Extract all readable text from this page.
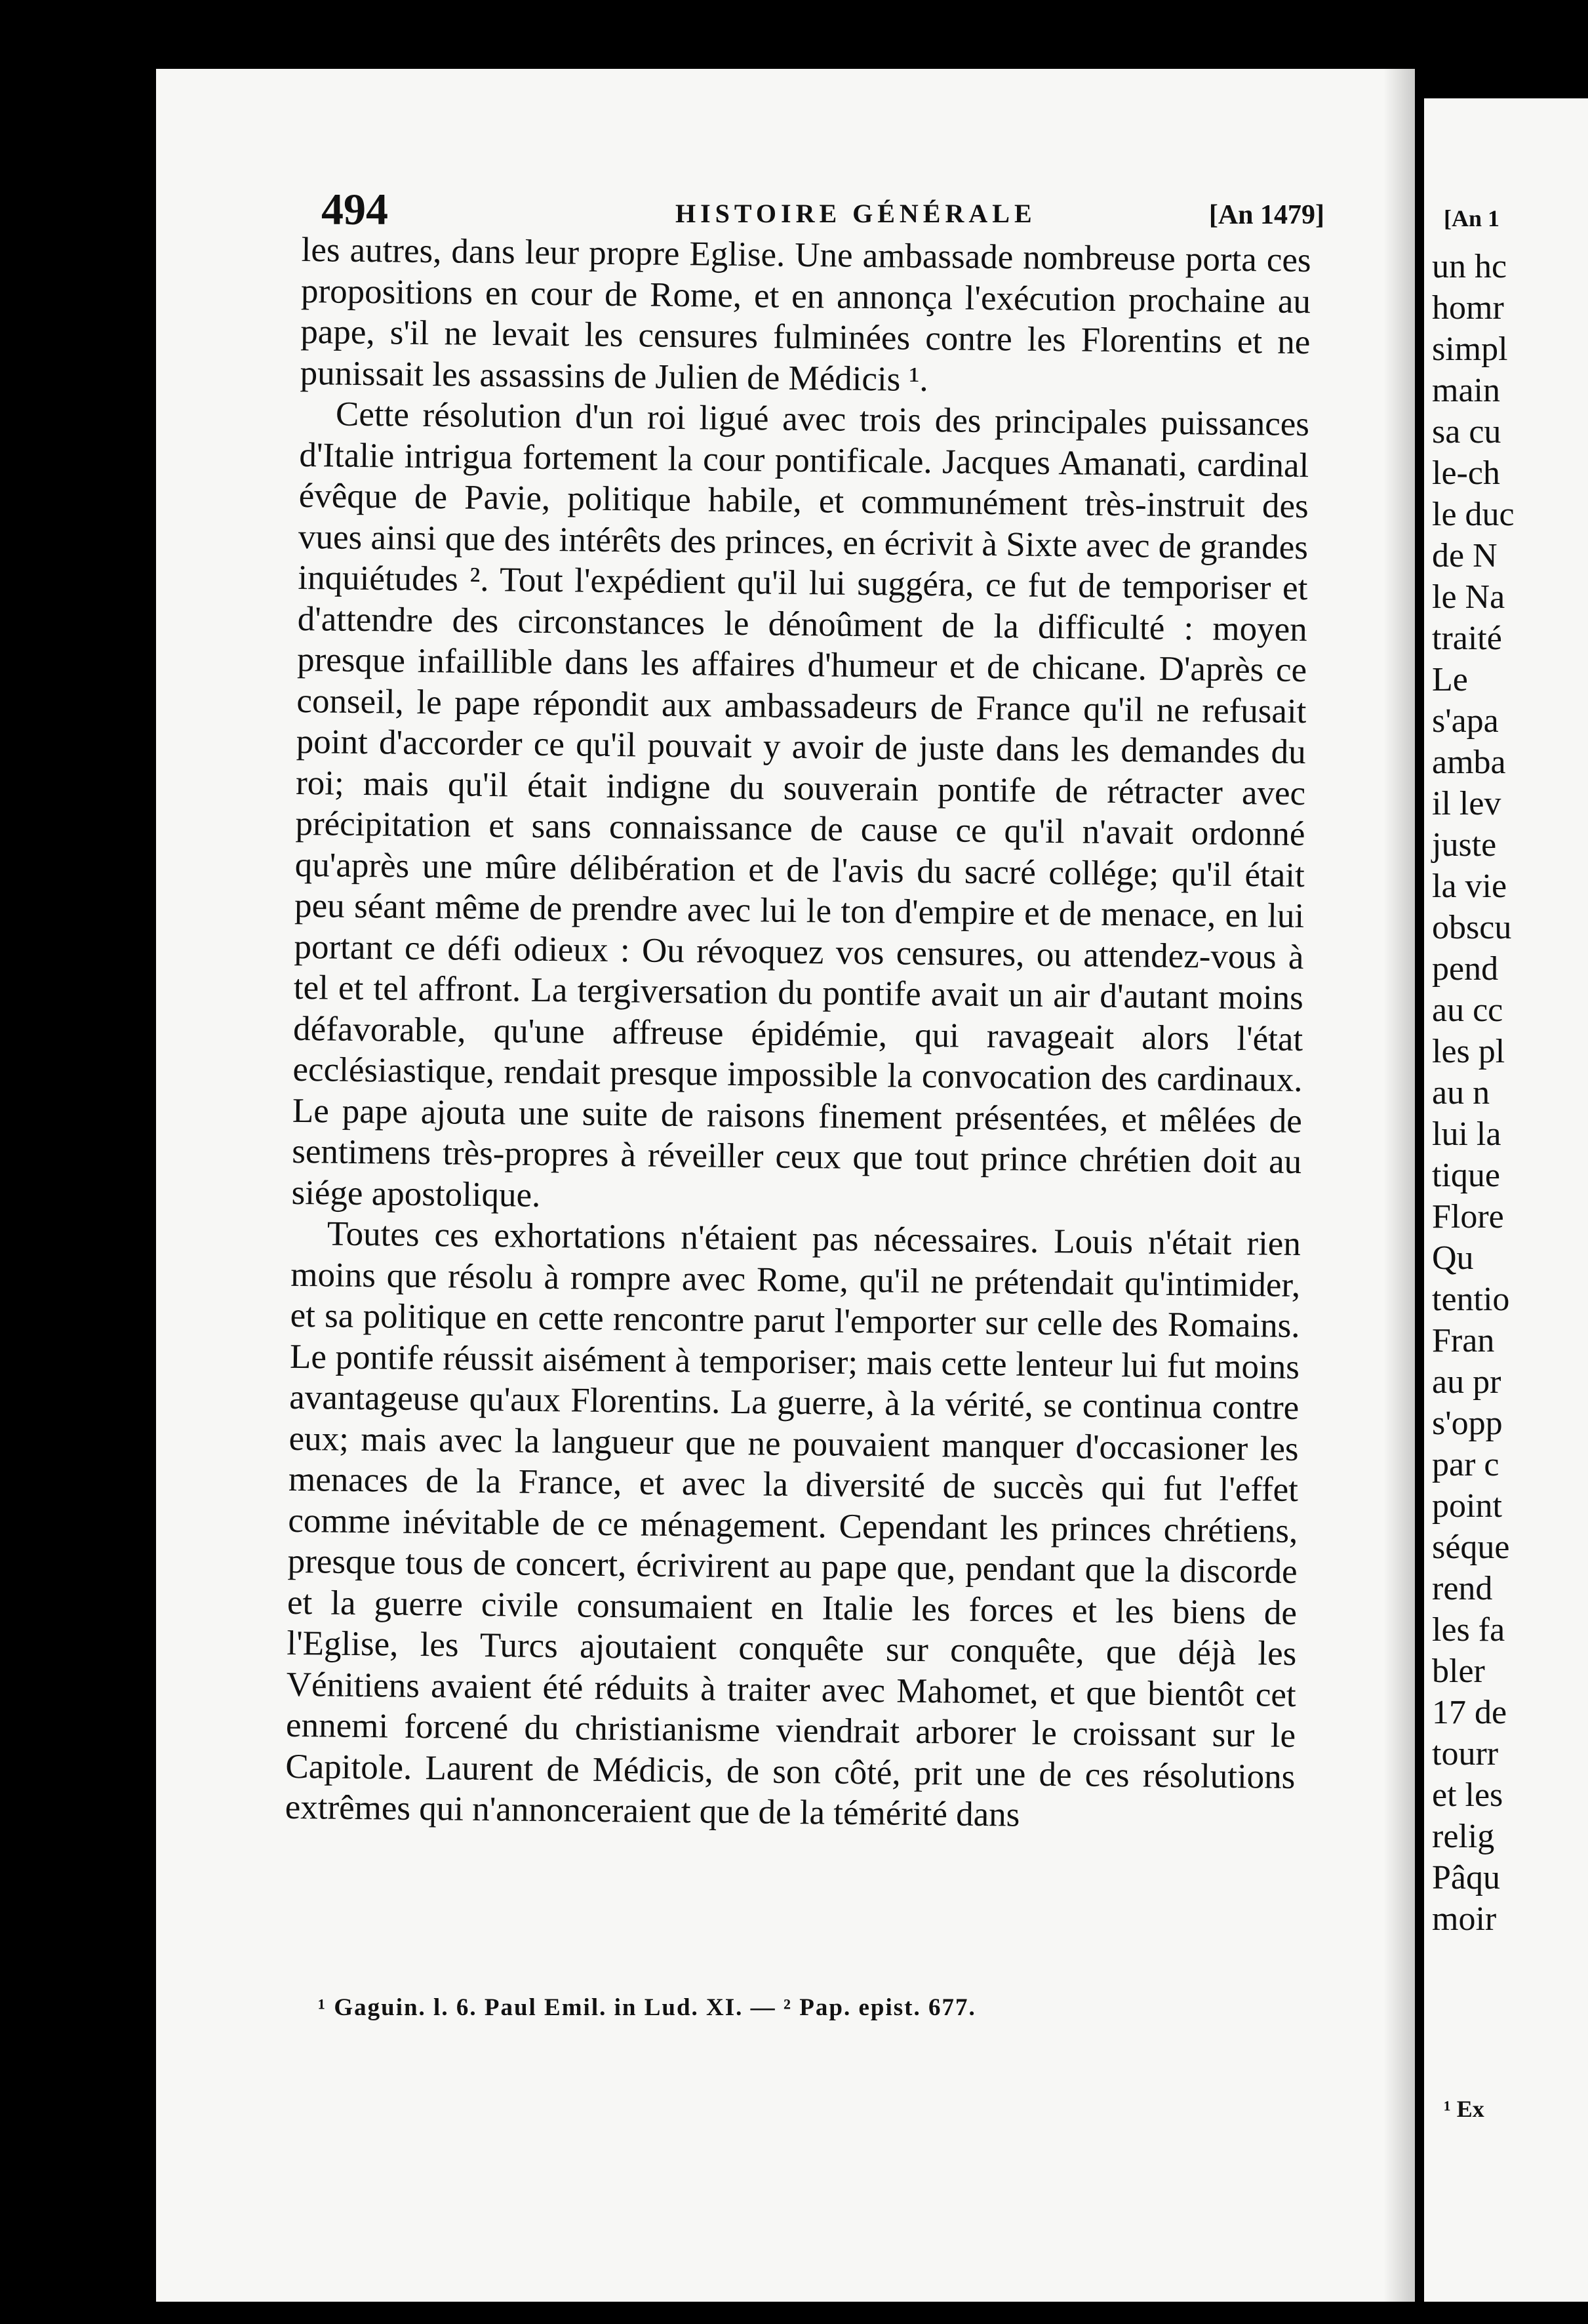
[An 1
un hc
homr
simpl
main
sa cu
le-ch
le duc
de N
le Na
traité
Le
s'apa
amba
il lev
juste
la vie
obscu
pend
au cc
les pl
au n
lui la
tique
Flore
Qu
tentio
Fran
au pr
s'opp
par c
point
séque
rend
les fa
bler
17 de
tourr
et les
relig
Pâqu
moir
¹ Ex
494	HISTOIRE GÉNÉRALE	[An 1479]

les autres, dans leur propre Eglise. Une ambassade nombreuse porta ces propositions en cour de Rome, et en annonça l'exécution prochaine au pape, s'il ne levait les censures fulminées contre les Florentins et ne punissait les assassins de Julien de Médicis ¹.

Cette résolution d'un roi ligué avec trois des principales puissances d'Italie intrigua fortement la cour pontificale. Jacques Amanati, cardinal évêque de Pavie, politique habile, et communément très-instruit des vues ainsi que des intérêts des princes, en écrivit à Sixte avec de grandes inquiétudes ². Tout l'expédient qu'il lui suggéra, ce fut de temporiser et d'attendre des circonstances le dénoûment de la difficulté : moyen presque infaillible dans les affaires d'humeur et de chicane. D'après ce conseil, le pape répondit aux ambassadeurs de France qu'il ne refusait point d'accorder ce qu'il pouvait y avoir de juste dans les demandes du roi; mais qu'il était indigne du souverain pontife de rétracter avec précipitation et sans connaissance de cause ce qu'il n'avait ordonné qu'après une mûre délibération et de l'avis du sacré collége; qu'il était peu séant même de prendre avec lui le ton d'empire et de menace, en lui portant ce défi odieux : Ou révoquez vos censures, ou attendez-vous à tel et tel affront. La tergiversation du pontife avait un air d'autant moins défavorable, qu'une affreuse épidémie, qui ravageait alors l'état ecclésiastique, rendait presque impossible la convocation des cardinaux. Le pape ajouta une suite de raisons finement présentées, et mêlées de sentimens très-propres à réveiller ceux que tout prince chrétien doit au siége apostolique.

Toutes ces exhortations n'étaient pas nécessaires. Louis n'était rien moins que résolu à rompre avec Rome, qu'il ne prétendait qu'intimider, et sa politique en cette rencontre parut l'emporter sur celle des Romains. Le pontife réussit aisément à temporiser; mais cette lenteur lui fut moins avantageuse qu'aux Florentins. La guerre, à la vérité, se continua contre eux; mais avec la langueur que ne pouvaient manquer d'occasioner les menaces de la France, et avec la diversité de succès qui fut l'effet comme inévitable de ce ménagement. Cependant les princes chrétiens, presque tous de concert, écrivirent au pape que, pendant que la discorde et la guerre civile consumaient en Italie les forces et les biens de l'Eglise, les Turcs ajoutaient conquête sur conquête, que déjà les Vénitiens avaient été réduits à traiter avec Mahomet, et que bientôt cet ennemi forcené du christianisme viendrait arborer le croissant sur le Capitole. Laurent de Médicis, de son côté, prit une de ces résolutions extrêmes qui n'annonceraient que de la témérité dans

¹ Gaguin. l. 6. Paul Emil. in Lud. XI. — ² Pap. epist. 677.
